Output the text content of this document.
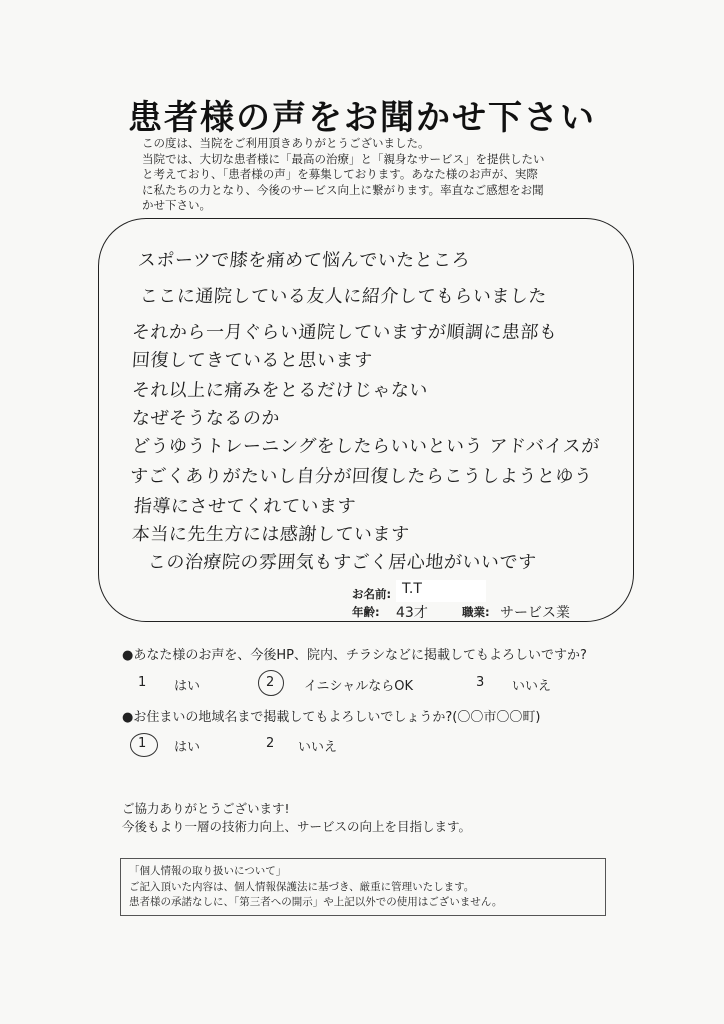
患者様の声をお聞かせ下さい

この度は、当院をご利用頂きありがとうございました。

当院では、大切な患者様に「最高の治療」と「親身なサービス」を提供したい

と考えており、「患者様の声」を募集しております。あなた様のお声が、実際

に私たちの力となり、今後のサービス向上に繋がります。率直なご感想をお聞

かせ下さい。

スポーツで膝を痛めて悩んでいたところ
ここに通院している友人に紹介してもらいました
それから一月ぐらい通院していますが順調に患部も
回復してきていると思います
それ以上に痛みをとるだけじゃない
なぜそうなるのか
どうゆうトレーニングをしたらいいという アドバイスが
すごくありがたいし自分が回復したらこうしようとゆう
指導にさせてくれています
本当に先生方には感謝しています
この治療院の雰囲気もすごく居心地がいいです
お名前: T.T
年齢: 43才	職業: サービス業
●あなた様のお声を、今後HP、院内、チラシなどに掲載してもよろしいですか?
1 はい	2 イニシャルならOK	3 いいえ
●お住まいの地域名まで掲載してもよろしいでしょうか?(〇〇市〇〇町)
1 はい	2 いいえ

ご協力ありがとうございます!

今後もより一層の技術力向上、サービスの向上を目指します。

「個人情報の取り扱いについて」

ご記入頂いた内容は、個人情報保護法に基づき、厳重に管理いたします。

患者様の承諾なしに、「第三者への開示」や上記以外での使用はございません。
